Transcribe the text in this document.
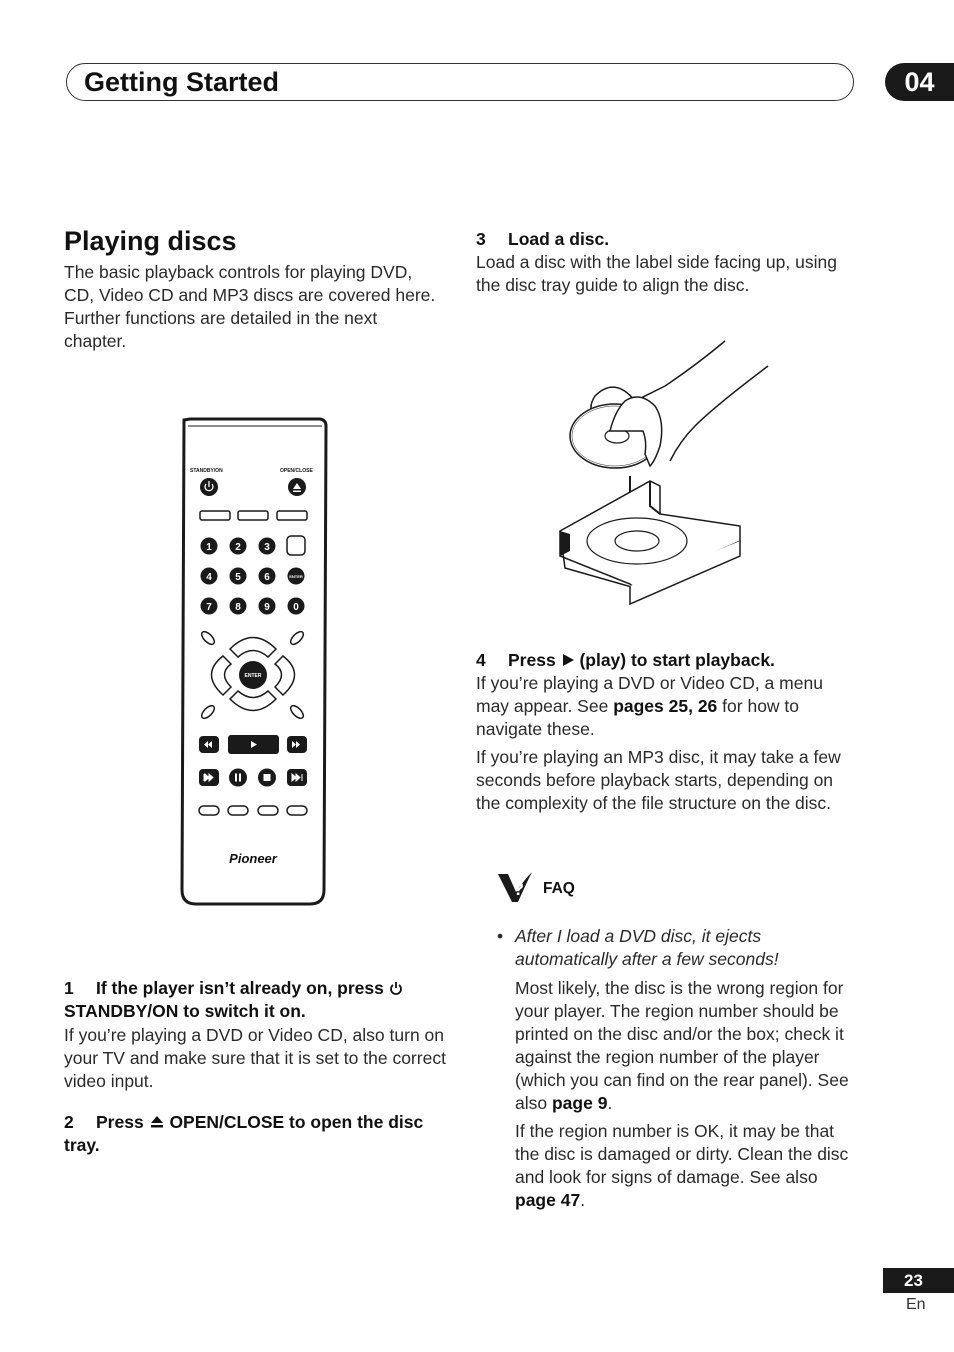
Getting Started	04
Playing discs

The basic playback controls for playing DVD, CD, Video CD and MP3 discs are covered here. Further functions are detailed in the next chapter.

STANDBY/ON	OPEN/CLOSE
1 2 3
4 5 6
7 8 9 0
ENTER
ENTER
Pioneer
1 If the player isn’t already on, press
STANDBY/ON to switch it on.

If you’re playing a DVD or Video CD, also turn on your TV and make sure that it is set to the correct video input.

2 Press OPEN/CLOSE to open the disc tray.
3 Load a disc.

Load a disc with the label side facing up, using the disc tray guide to align the disc.

4 Press (play) to start playback.

If you’re playing a DVD or Video CD, a menu may appear. See pages 25, 26 for how to navigate these.

If you’re playing an MP3 disc, it may take a few seconds before playback starts, depending on the complexity of the file structure on the disc.

? FAQ
• After I load a DVD disc, it ejects automatically after a few seconds!

Most likely, the disc is the wrong region for your player. The region number should be printed on the disc and/or the box; check it against the region number of the player (which you can find on the rear panel). See also page 9.

If the region number is OK, it may be that the disc is damaged or dirty. Clean the disc and look for signs of damage. See also page 47.

23
En
